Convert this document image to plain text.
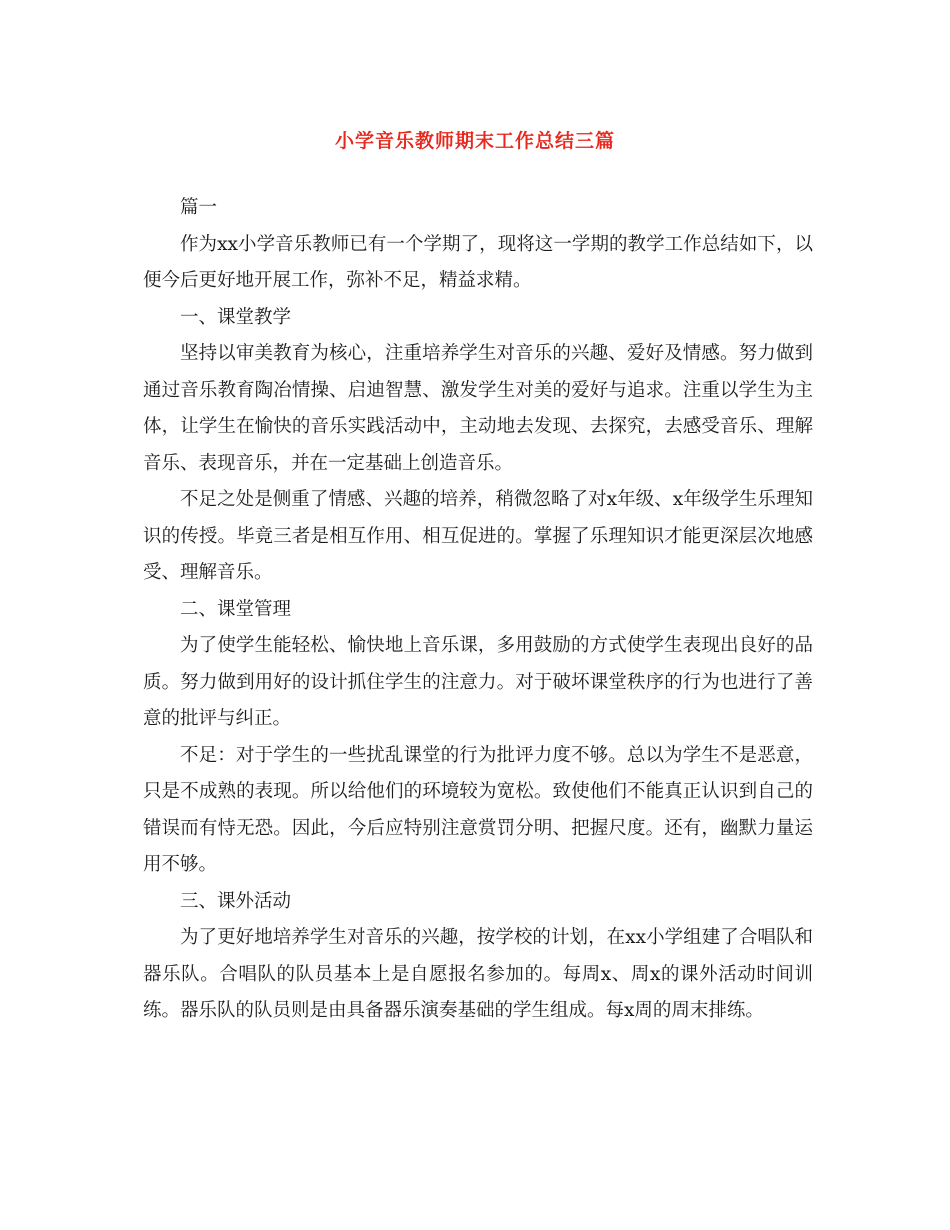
小学音乐教师期末工作总结三篇

篇一

作为xx小学音乐教师已有一个学期了，现将这一学期的教学工作总结如下，以便今后更好地开展工作，弥补不足，精益求精。

一、课堂教学

坚持以审美教育为核心，注重培养学生对音乐的兴趣、爱好及情感。努力做到通过音乐教育陶冶情操、启迪智慧、激发学生对美的爱好与追求。注重以学生为主体，让学生在愉快的音乐实践活动中，主动地去发现、去探究，去感受音乐、理解音乐、表现音乐，并在一定基础上创造音乐。

不足之处是侧重了情感、兴趣的培养，稍微忽略了对x年级、x年级学生乐理知识的传授。毕竟三者是相互作用、相互促进的。掌握了乐理知识才能更深层次地感受、理解音乐。

二、课堂管理

为了使学生能轻松、愉快地上音乐课，多用鼓励的方式使学生表现出良好的品质。努力做到用好的设计抓住学生的注意力。对于破坏课堂秩序的行为也进行了善意的批评与纠正。

不足：对于学生的一些扰乱课堂的行为批评力度不够。总以为学生不是恶意，只是不成熟的表现。所以给他们的环境较为宽松。致使他们不能真正认识到自己的错误而有恃无恐。因此，今后应特别注意赏罚分明、把握尺度。还有，幽默力量运用不够。

三、课外活动

为了更好地培养学生对音乐的兴趣，按学校的计划，在xx小学组建了合唱队和器乐队。合唱队的队员基本上是自愿报名参加的。每周x、周x的课外活动时间训练。器乐队的队员则是由具备器乐演奏基础的学生组成。每x周的周末排练。
